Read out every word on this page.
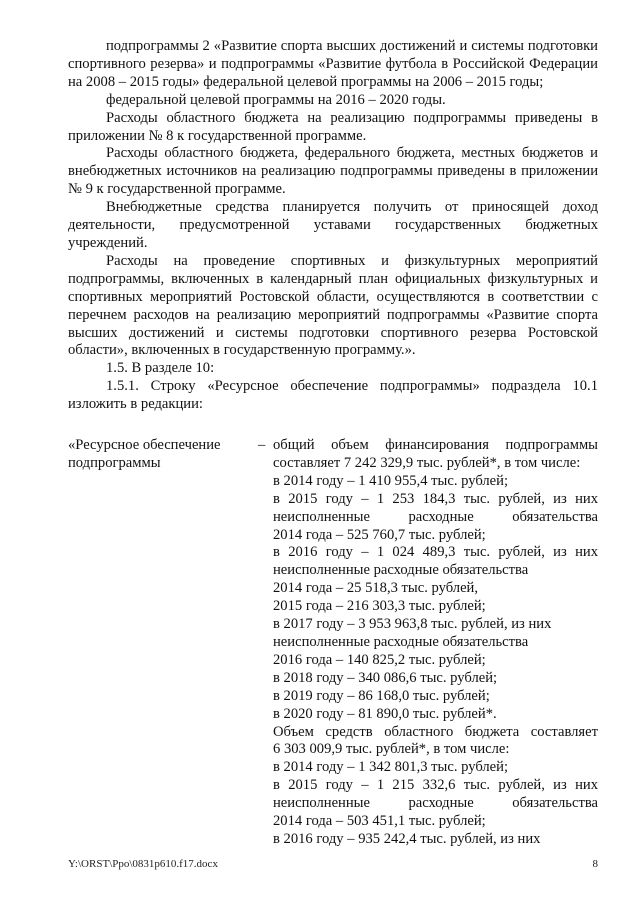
подпрограммы 2 «Развитие спорта высших достижений и системы подготовки спортивного резерва» и подпрограммы «Развитие футбола в Российской Федерации на 2008 – 2015 годы» федеральной целевой программы на 2006 – 2015 годы;

федеральной целевой программы на 2016 – 2020 годы.

Расходы областного бюджета на реализацию подпрограммы приведены в приложении № 8 к государственной программе.

Расходы областного бюджета, федерального бюджета, местных бюджетов и внебюджетных источников на реализацию подпрограммы приведены в приложении № 9 к государственной программе.

Внебюджетные средства планируется получить от приносящей доход деятельности, предусмотренной уставами государственных бюджетных учреждений.

Расходы на проведение спортивных и физкультурных мероприятий подпрограммы, включенных в календарный план официальных физкультурных и спортивных мероприятий Ростовской области, осуществляются в соответствии с перечнем расходов на реализацию мероприятий подпрограммы «Развитие спорта высших достижений и системы подготовки спортивного резерва Ростовской области», включенных в государственную программу.».

1.5. В разделе 10:

1.5.1. Строку «Ресурсное обеспечение подпрограммы» подраздела 10.1 изложить в редакции:

«Ресурсное обеспечение
подпрограммы
– общий объем финансирования подпрограммы
составляет 7 242 329,9 тыс. рублей*, в том числе:
в 2014 году – 1 410 955,4 тыс. рублей;
в 2015 году – 1 253 184,3 тыс. рублей, из них
неисполненные расходные обязательства
2014 года – 525 760,7 тыс. рублей;
в 2016 году – 1 024 489,3 тыс. рублей, из них
неисполненные расходные обязательства
2014 года – 25 518,3 тыс. рублей,
2015 года – 216 303,3 тыс. рублей;
в 2017 году – 3 953 963,8 тыс. рублей, из них
неисполненные расходные обязательства
2016 года – 140 825,2 тыс. рублей;
в 2018 году – 340 086,6 тыс. рублей;
в 2019 году – 86 168,0 тыс. рублей;
в 2020 году – 81 890,0 тыс. рублей*.
Объем средств областного бюджета составляет
6 303 009,9 тыс. рублей*, в том числе:
в 2014 году – 1 342 801,3 тыс. рублей;
в 2015 году – 1 215 332,6 тыс. рублей, из них
неисполненные расходные обязательства
2014 года – 503 451,1 тыс. рублей;
в 2016 году – 935 242,4 тыс. рублей, из них
Y:\ORST\Ppo\0831p610.f17.docx	8
